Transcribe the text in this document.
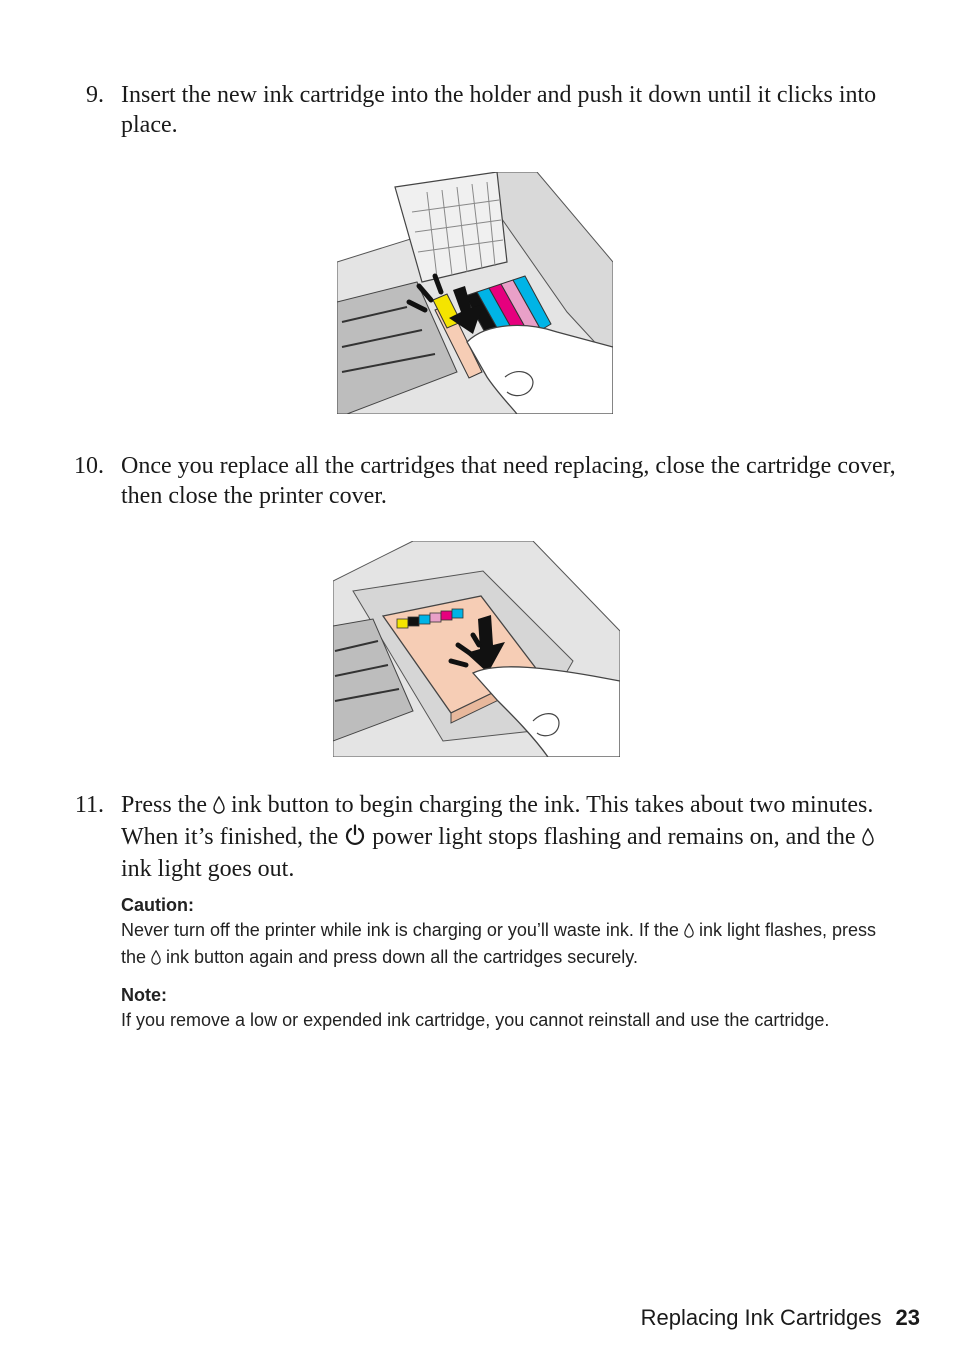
9. Insert the new ink cartridge into the holder and push it down until it clicks into place.
10. Once you replace all the cartridges that need replacing, close the cartridge cover, then close the printer cover.
11. Press the  ink button to begin charging the ink. This takes about two minutes. When it’s finished, the  power light stops flashing and remains on, and the  ink light goes out.
Caution:
Never turn off the printer while ink is charging or you’ll waste ink. If the  ink light flashes, press the  ink button again and press down all the cartridges securely.
Note:
If you remove a low or expended ink cartridge, you cannot reinstall and use the cartridge.
Replacing Ink Cartridges 23
